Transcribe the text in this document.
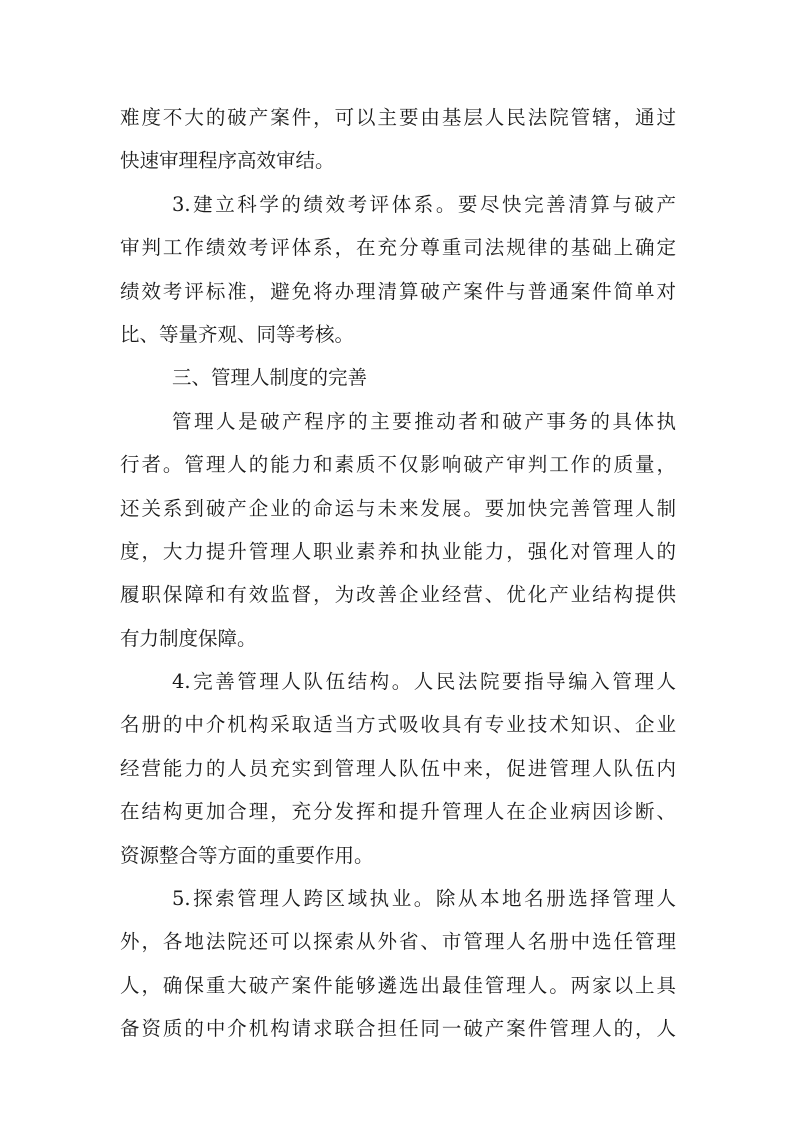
难度不大的破产案件，可以主要由基层人民法院管辖，通过
快速审理程序高效审结。
3.建立科学的绩效考评体系。要尽快完善清算与破产
审判工作绩效考评体系，在充分尊重司法规律的基础上确定
绩效考评标准，避免将办理清算破产案件与普通案件简单对
比、等量齐观、同等考核。
三、管理人制度的完善
管理人是破产程序的主要推动者和破产事务的具体执
行者。管理人的能力和素质不仅影响破产审判工作的质量，
还关系到破产企业的命运与未来发展。要加快完善管理人制
度，大力提升管理人职业素养和执业能力，强化对管理人的
履职保障和有效监督，为改善企业经营、优化产业结构提供
有力制度保障。
4.完善管理人队伍结构。人民法院要指导编入管理人
名册的中介机构采取适当方式吸收具有专业技术知识、企业
经营能力的人员充实到管理人队伍中来，促进管理人队伍内
在结构更加合理，充分发挥和提升管理人在企业病因诊断、
资源整合等方面的重要作用。
5.探索管理人跨区域执业。除从本地名册选择管理人
外，各地法院还可以探索从外省、市管理人名册中选任管理
人，确保重大破产案件能够遴选出最佳管理人。两家以上具
备资质的中介机构请求联合担任同一破产案件管理人的，人
